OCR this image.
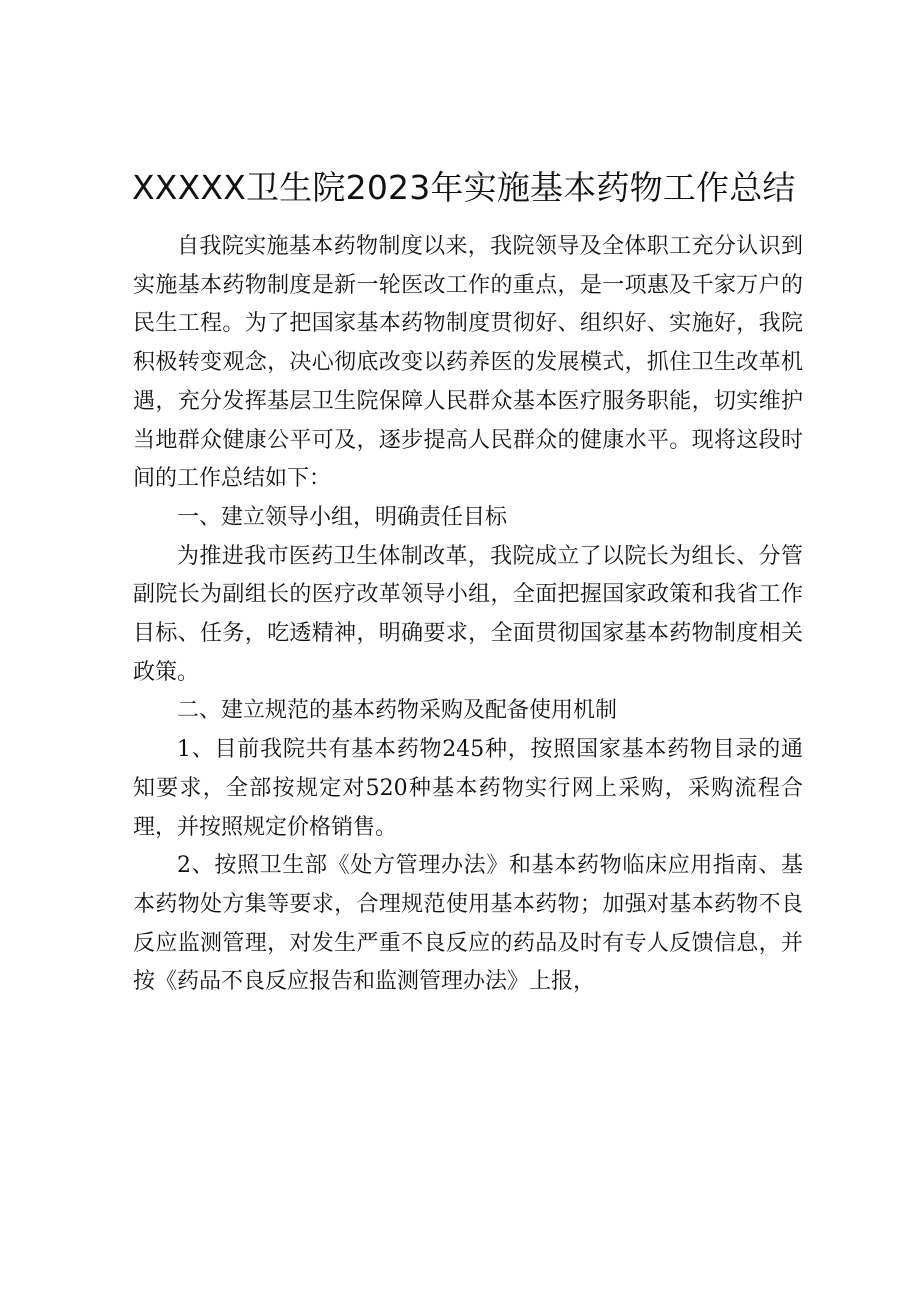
XXXXX卫生院2023年实施基本药物工作总结

自我院实施基本药物制度以来，我院领导及全体职工充分认识到实施基本药物制度是新一轮医改工作的重点，是一项惠及千家万户的民生工程。为了把国家基本药物制度贯彻好、组织好、实施好，我院积极转变观念，决心彻底改变以药养医的发展模式，抓住卫生改革机遇，充分发挥基层卫生院保障人民群众基本医疗服务职能，切实维护当地群众健康公平可及，逐步提高人民群众的健康水平。现将这段时间的工作总结如下：

一、建立领导小组，明确责任目标

为推进我市医药卫生体制改革，我院成立了以院长为组长、分管副院长为副组长的医疗改革领导小组，全面把握国家政策和我省工作目标、任务，吃透精神，明确要求，全面贯彻国家基本药物制度相关政策。

二、建立规范的基本药物采购及配备使用机制

1、目前我院共有基本药物245种，按照国家基本药物目录的通知要求，全部按规定对520种基本药物实行网上采购，采购流程合理，并按照规定价格销售。

2、按照卫生部《处方管理办法》和基本药物临床应用指南、基本药物处方集等要求，合理规范使用基本药物；加强对基本药物不良反应监测管理，对发生严重不良反应的药品及时有专人反馈信息，并按《药品不良反应报告和监测管理办法》上报，
